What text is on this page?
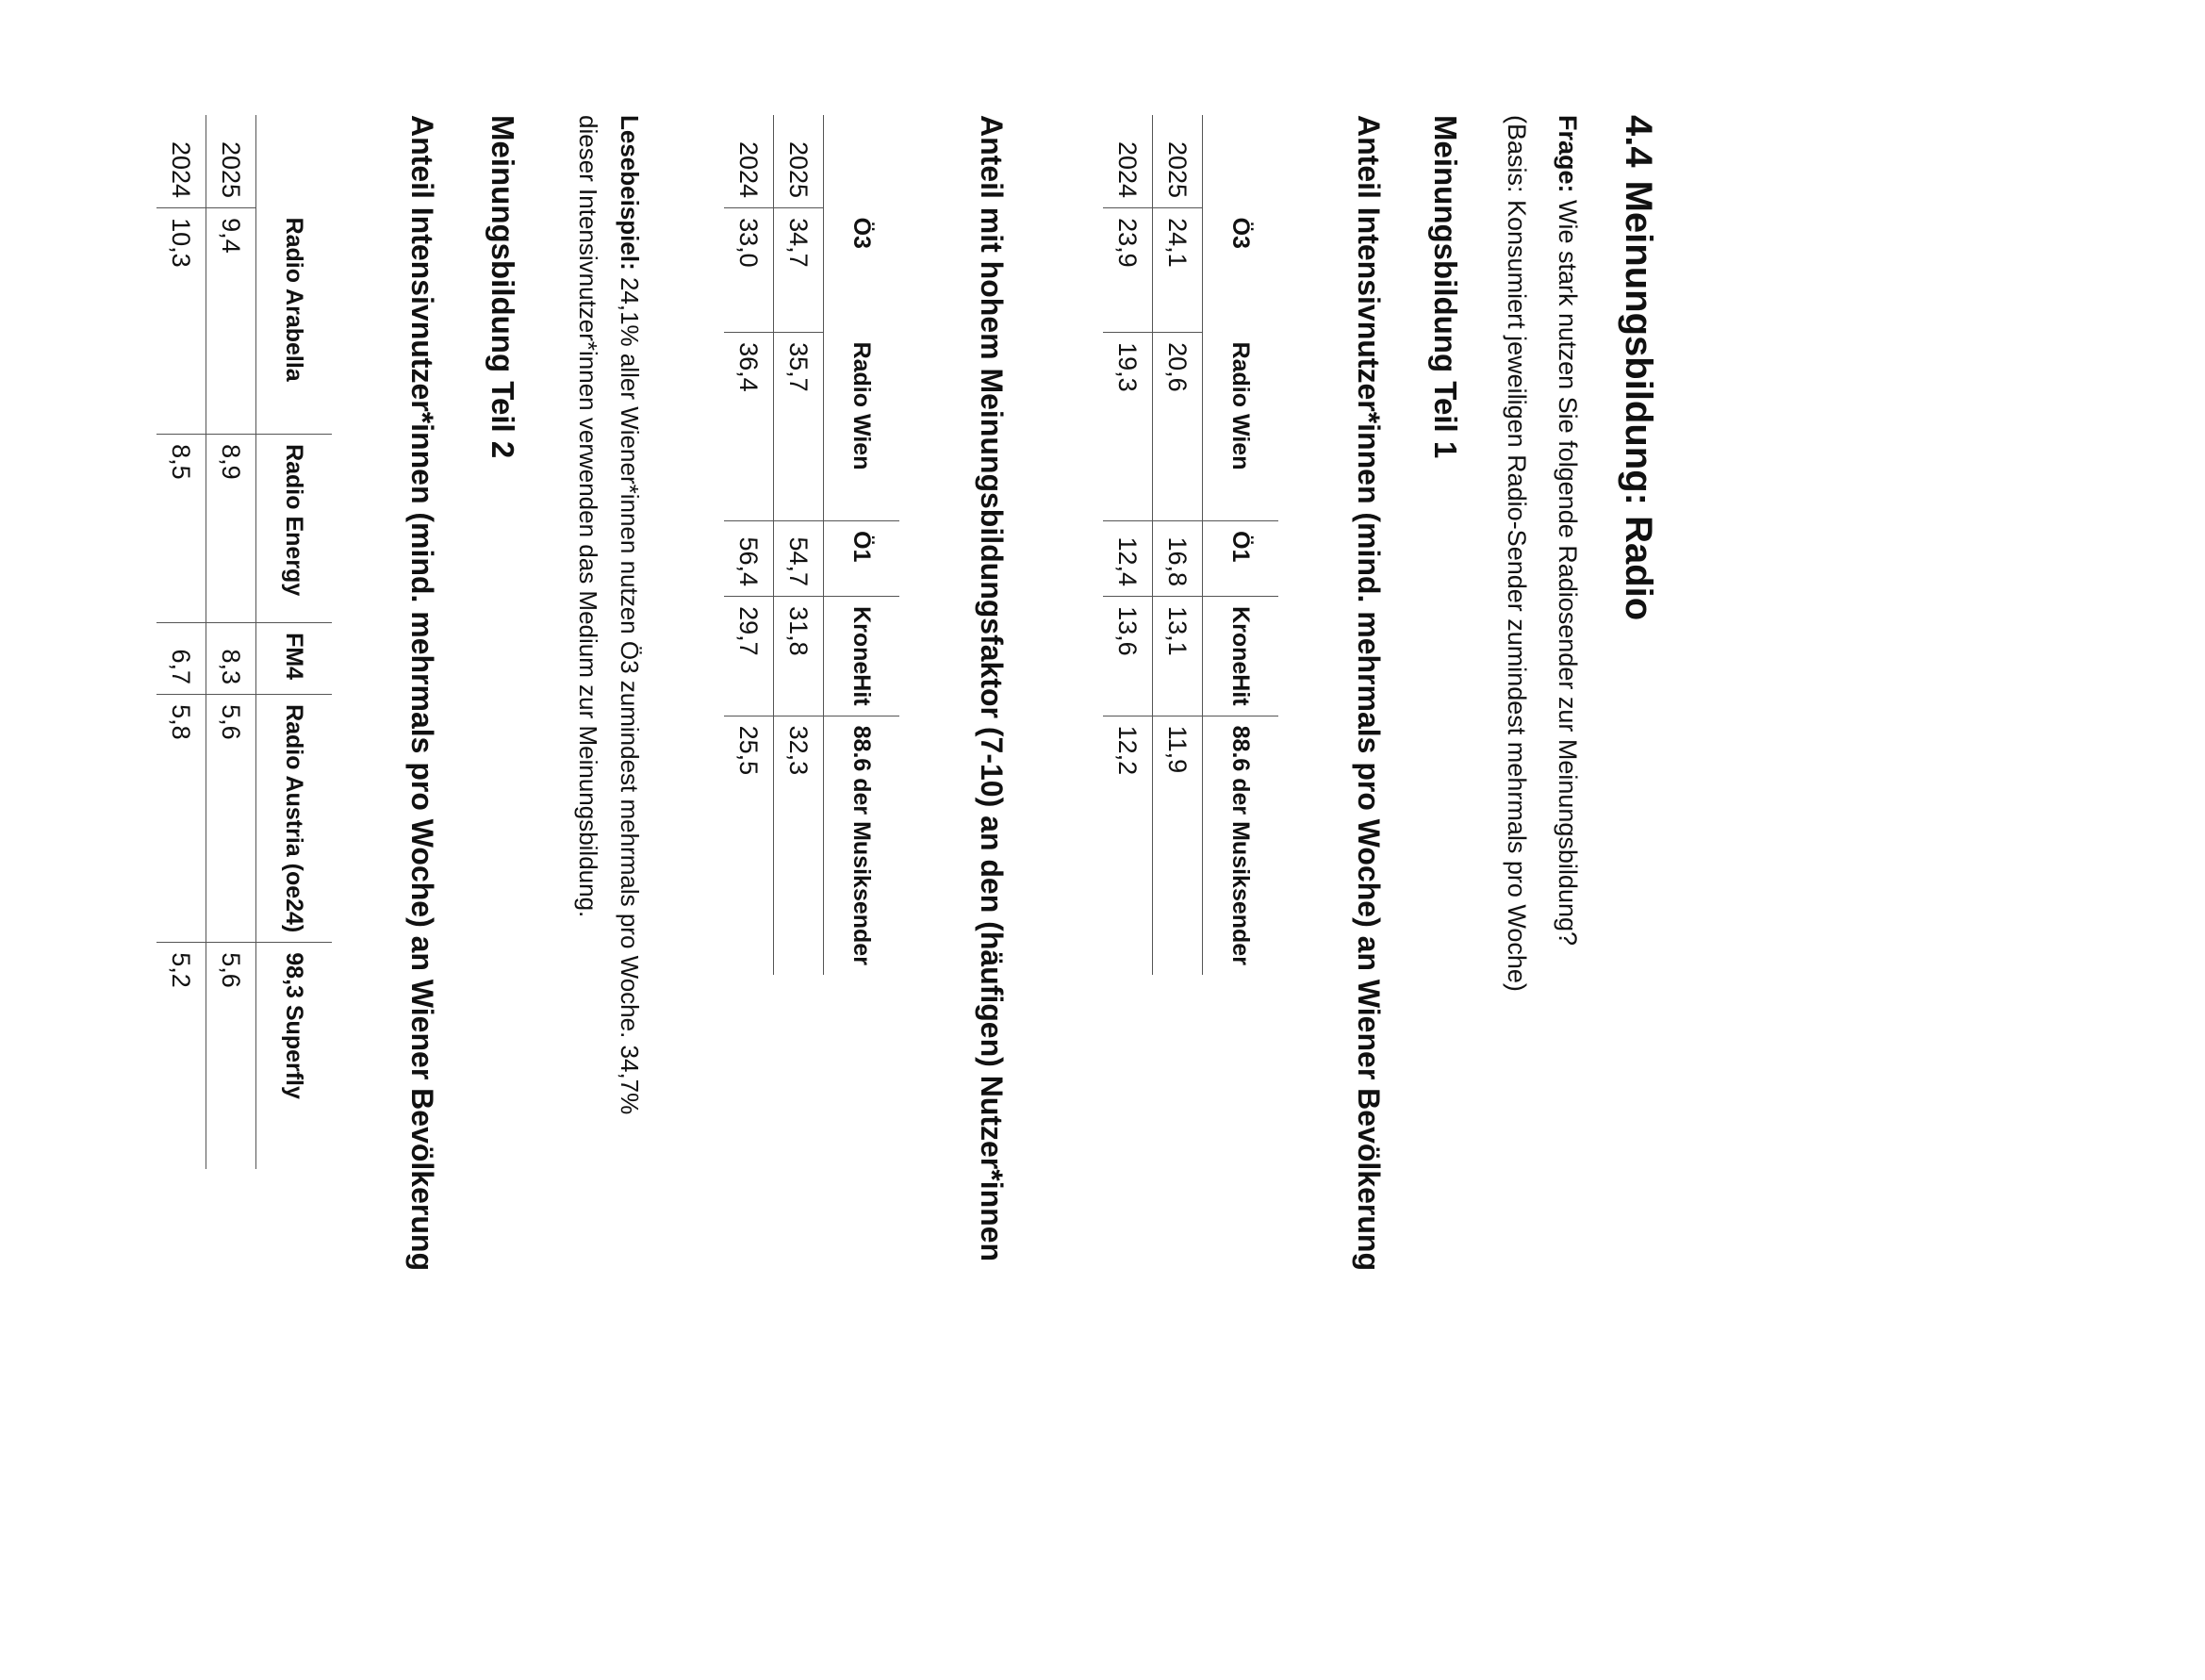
4.4Meinungsbildung: Radio
Frage: Wie stark nutzen Sie folgende Radiosender zur Meinungsbildung?
(Basis: Konsumiert jeweiligen Radio-Sender zumindest mehrmals pro Woche)
Meinungsbildung Teil 1
Anteil Intensivnutzer*innen (mind. mehrmals pro Woche) an Wiener Bevölkerung
	Ö3	Radio Wien	Ö1	KroneHit	88.6 der Musiksender
2025	24,1	20,6	16,8	13,1	11,9
2024	23,9	19,3	12,4	13,6	12,2
Anteil mit hohem Meinungsbildungsfaktor (7-10) an den (häufigen) Nutzer*innen
	Ö3	Radio Wien	Ö1	KroneHit	88.6 der Musiksender
2025	34,7	35,7	54,7	31,8	32,3
2024	33,0	36,4	56,4	29,7	25,5
Lesebeispiel: 24,1% aller Wiener*innen nutzen Ö3 zumindest mehrmals pro Woche. 34,7% dieser Intensivnutzer*innen verwenden das Medium zur Meinungsbildung.
Meinungsbildung Teil 2
Anteil Intensivnutzer*innen (mind. mehrmals pro Woche) an Wiener Bevölkerung
	Radio Arabella	Radio Energy	FM4	Radio Austria (oe24)	98,3 Superfly
2025	9,4	8,9	8,3	5,6	5,6
2024	10,3	8,5	6,7	5,8	5,2
